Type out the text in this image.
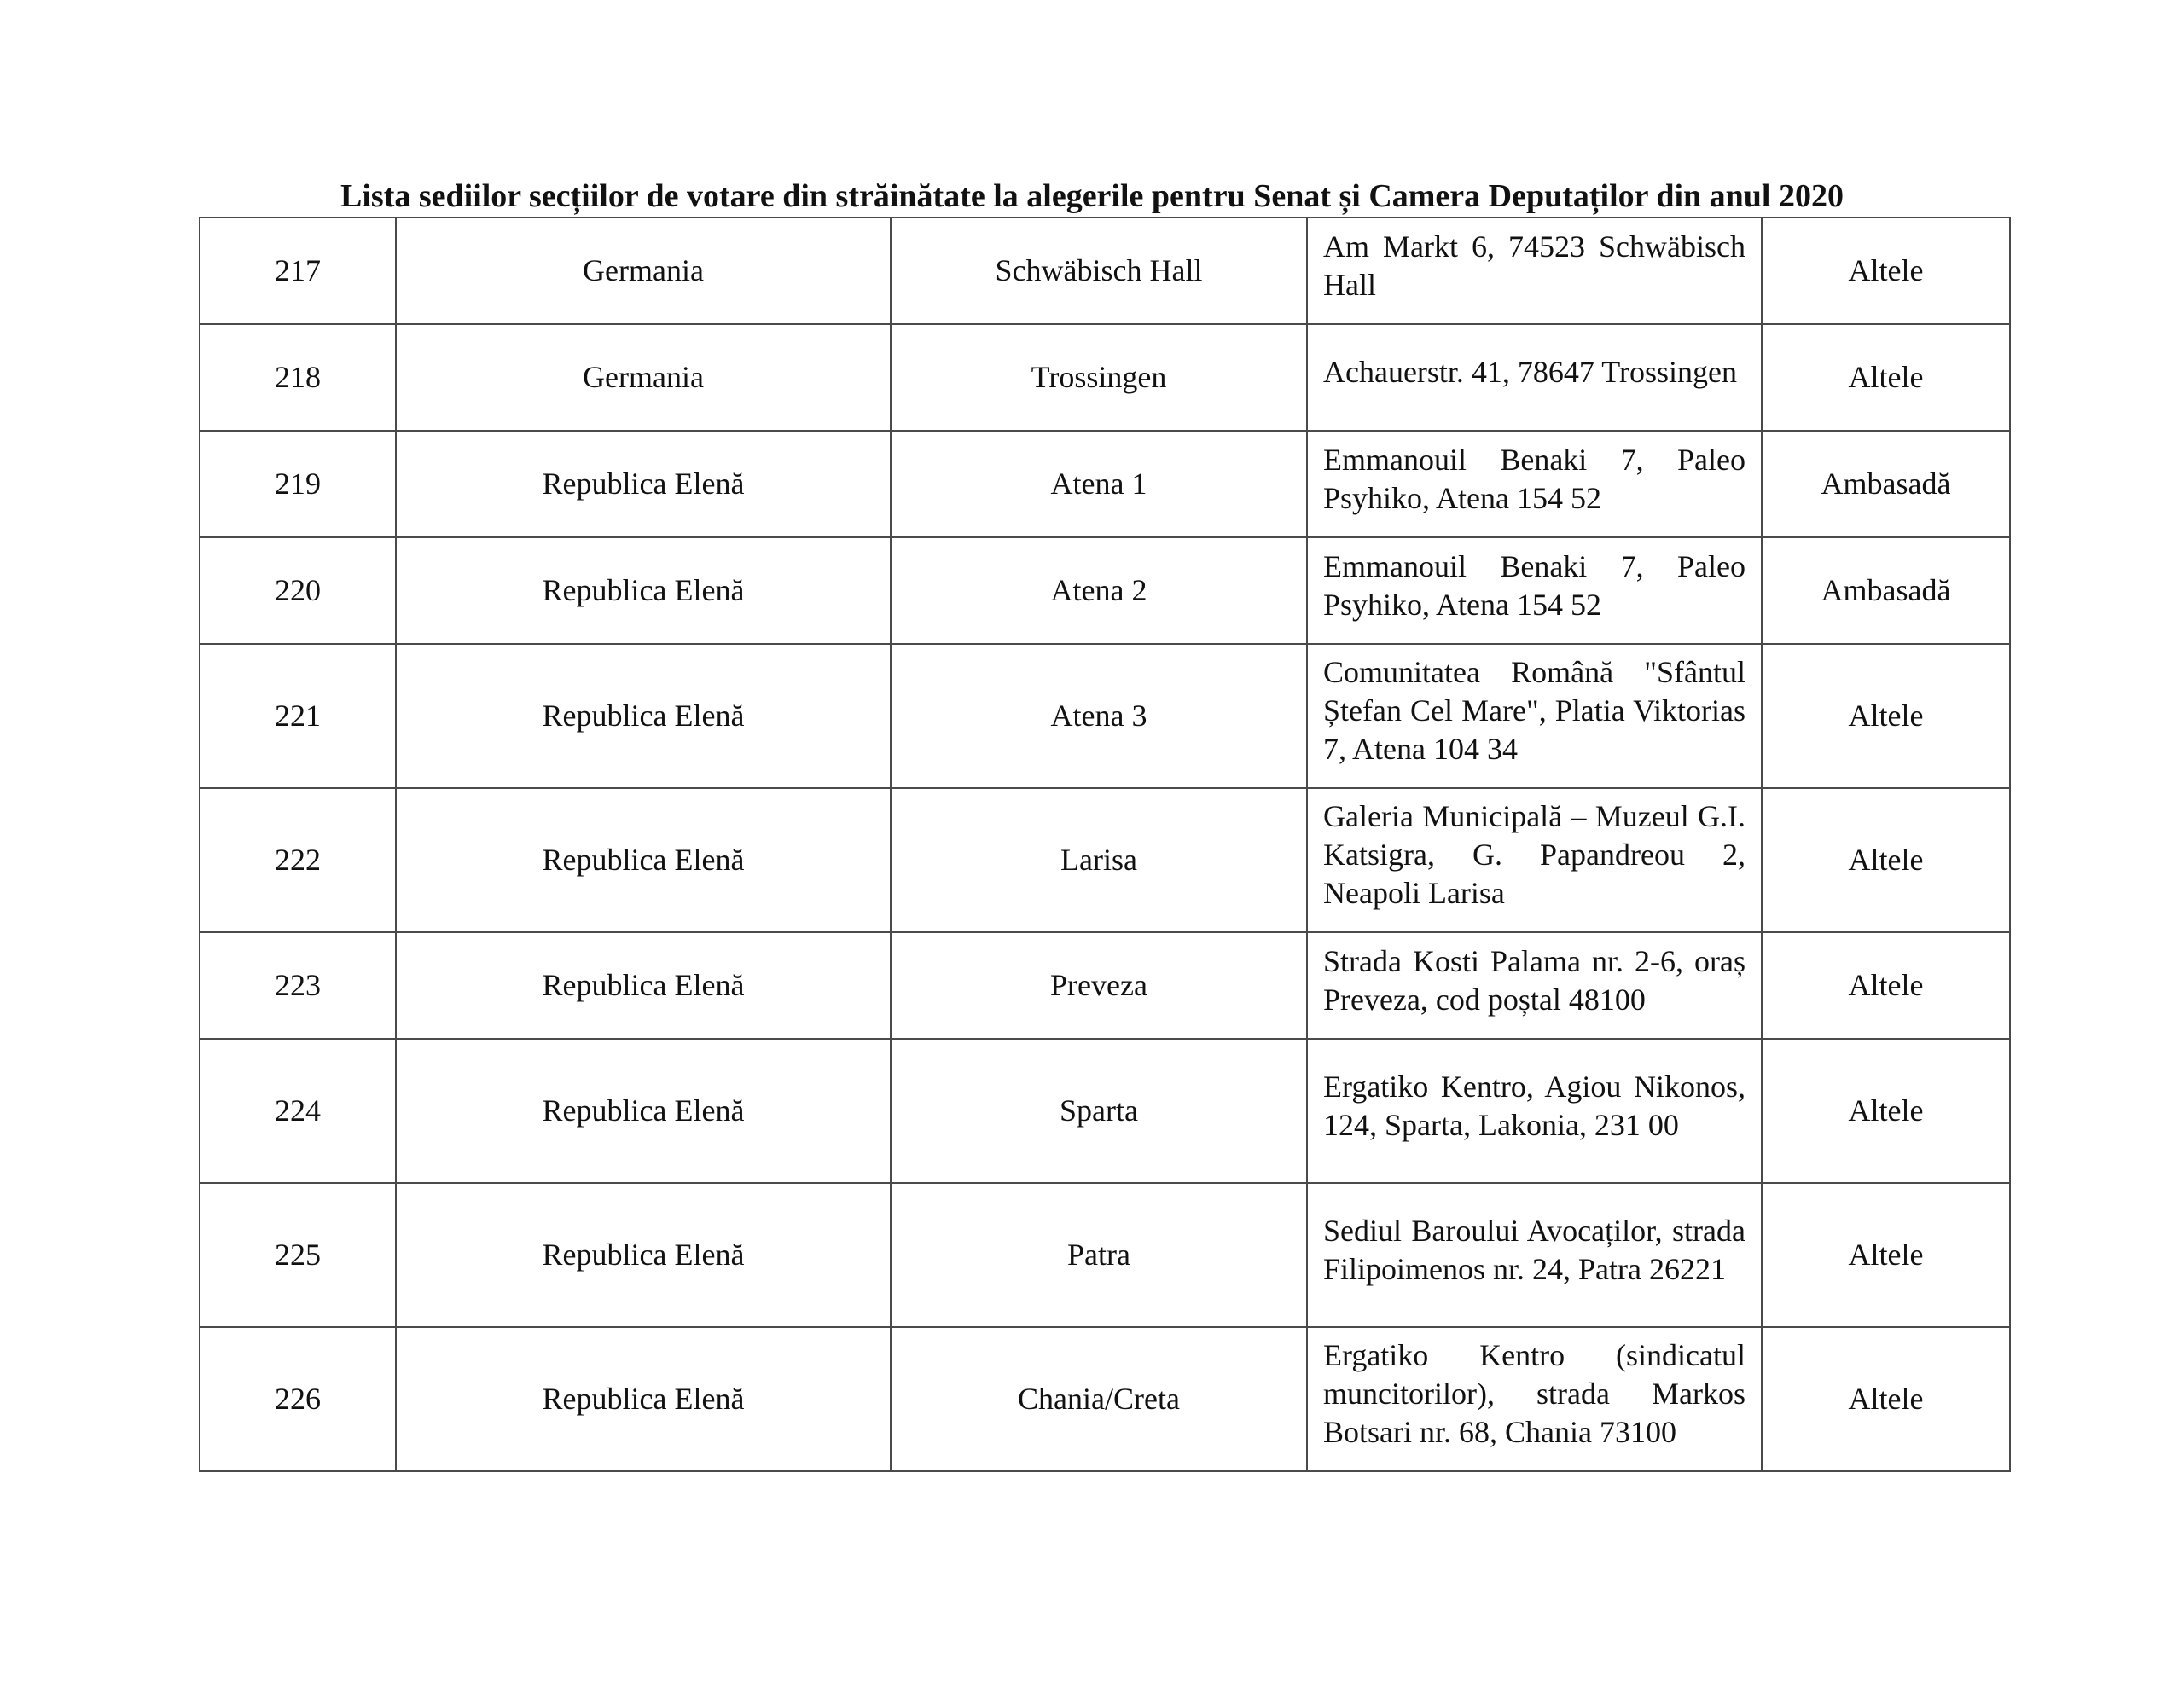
Lista sediilor secțiilor de votare din străinătate la alegerile pentru Senat și Camera Deputaților din anul 2020
217	Germania	Schwäbisch Hall	Am Markt 6, 74523 Schwäbisch Hall	Altele
218	Germania	Trossingen	Achauerstr. 41, 78647 Trossingen	Altele
219	Republica Elenă	Atena 1	Emmanouil Benaki 7, Paleo Psyhiko, Atena 154 52	Ambasadă
220	Republica Elenă	Atena 2	Emmanouil Benaki 7, Paleo Psyhiko, Atena 154 52	Ambasadă
221	Republica Elenă	Atena 3	Comunitatea Română "Sfântul Ștefan Cel Mare", Platia Viktorias 7, Atena 104 34	Altele
222	Republica Elenă	Larisa	Galeria Municipală – Muzeul G.I. Katsigra, G. Papandreou 2, Neapoli Larisa	Altele
223	Republica Elenă	Preveza	Strada Kosti Palama nr. 2-6, oraș Preveza, cod poștal 48100	Altele
224	Republica Elenă	Sparta	Ergatiko Kentro, Agiou Nikonos, 124, Sparta, Lakonia, 231 00	Altele
225	Republica Elenă	Patra	Sediul Baroului Avocaților, strada Filipoimenos nr. 24, Patra 26221	Altele
226	Republica Elenă	Chania/Creta	Ergatiko Kentro (sindicatul muncitorilor), strada Markos Botsari nr. 68, Chania 73100	Altele
